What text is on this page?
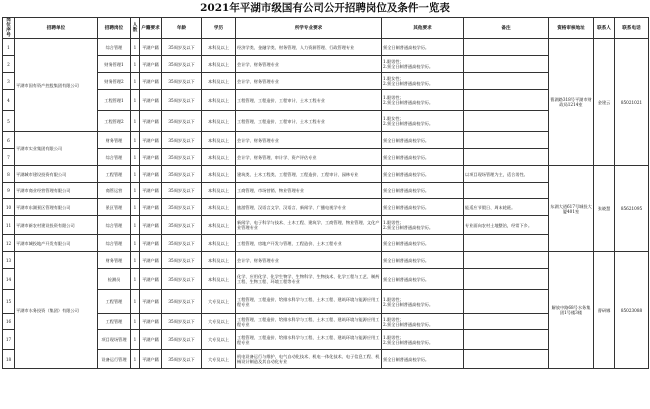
2021年平湖市级国有公司公开招聘岗位及条件一览表
岗位序号	招聘单位	招聘岗位	人数	户籍要求	年龄	学历	所学专业要求	其他要求	备注	资格审核地址	联系人	联系电话
1	平湖市国有资产控股集团有限公司	综合管理	1	平湖户籍	35周岁及以下	本科及以上	经济学类、金融学类、财务管理、人力资源管理、行政管理专业	须全日制普通高校学历。		曹湖路318号平湖市财政局1214室	金建云	85021021
2		财务管理1	1	平湖户籍	35周岁及以下	本科及以上	会计学、财务管理专业	1.限男性；
2.须全日制普通高校学历。				

3		财务管理2	1	平湖户籍	35周岁及以下	本科及以上	会计学、财务管理专业	1.限女性；
2.须全日制普通高校学历。				

4		工程管理1	1	平湖户籍	35周岁及以下	本科及以上	工程管理、工程造价、工程审计、土木工程专业	1.限男性；
2.须全日制普通高校学历。				

5		工程管理2	1	平湖户籍	35周岁及以下	本科及以上	工程管理、工程造价、工程审计、土木工程专业	1.限女性；
2.须全日制普通高校学历。				

6	平湖市实业集团有限公司	财务管理	1	平湖户籍	35周岁及以下	本科及以上	会计学、财务管理专业	须全日制普通高校学历。				

7		综合管理	1	平湖户籍	35周岁及以下	本科及以上	会计学、财务管理、审计学、资产评估专业	须全日制普通高校学历。				

8	平湖城市建设投资有限公司	工程管理	1	平湖户籍	35周岁及以下	本科及以上	建筑类、土木工程类、工程管理、工程造价、工程审计、园林专业	须全日制普通高校学历。	以项目现场管理为主，适合男性。	东湖大道617号城投大厦401室	张晓慧	85621095
9	平湖市商业经营管理有限公司	商管运营	1	平湖户籍	35周岁及以下	本科及以上	工商管理、市场营销、物业管理专业	须全日制普通高校学历。				

10	平湖市东湖景区管理有限公司	景区管理	1	平湖户籍	35周岁及以下	本科及以上	旅游管理、汉语言文学、汉语言、新闻学、广播电视学专业	须全日制普通高校学历。	能适应节假日、周末轮班。			
11	平湖市新农村建设投资有限公司	综合管理	1	平湖户籍	35周岁及以下	本科及以上	新闻学、电子科学与技术、土木工程、建筑学、工商管理、物业管理、文化产业管理专业	1.限男性；
2.须全日制普通高校学历。	专业面向农村土地整治，经常下乡。			
12	平湖市城投地产开发有限公司	综合管理	1	平湖户籍	35周岁及以下	本科及以上	工程管理、房地产开发与管理、工程造价、土木工程专业	须全日制普通高校学历。				

13	平湖市水务投资（集团）有限公司	财务管理	1	平湖户籍	35周岁及以下	本科及以上	会计学、财务管理专业	须全日制普通高校学历。		解放中路68号水务集团1号楼3楼	曹研娜	85023088
14		检测员	1	平湖户籍	35周岁及以下	本科及以上	化学、应用化学、化学生物学、生物科学、生物技术、化学工程与工艺、制药工程、生物工程、环境工程等专业	须全日制普通高校学历。				

15		工程管理	1	平湖户籍	35周岁及以下	大专及以上	工程管理、工程造价、给排水科学与工程、土木工程、建筑环境与能源应用工程专业	1.限男性；
2.须全日制普通高校学历。				

16		工程管理	1	平湖户籍	35周岁及以下	大专及以上	工程管理、工程造价、给排水科学与工程、土木工程、建筑环境与能源应用工程专业	1.限男性；
2.须全日制普通高校学历。				

17		项目现场管理	1	平湖户籍	35周岁及以下	大专及以上	工程管理、工程造价、给排水科学与工程、土木工程、建筑环境与能源应用工程专业	1.限男性；
2.须全日制普通高校学历。				

18		设备运行管理	1	平湖户籍	35周岁及以下	大专及以上	机电设备运行与维护、电气自动化技术、机电一体化技术、电子信息工程、机械设计制造及其自动化专业	须全日制普通高校学历。				
